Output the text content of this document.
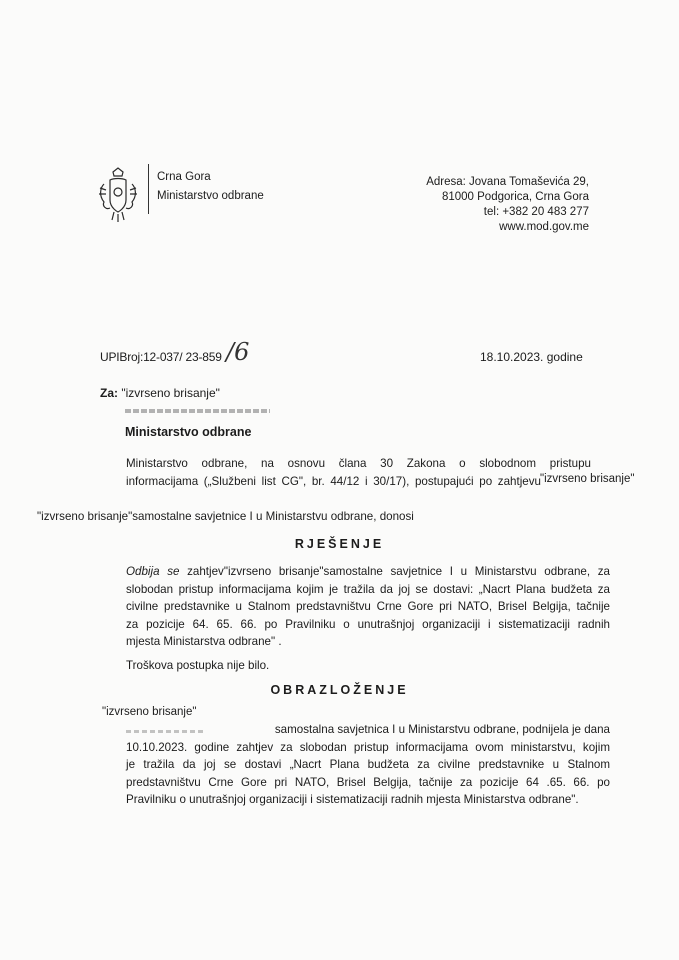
Crna Gora
Ministarstvo odbrane
Adresa: Jovana Tomaševića 29,
81000 Podgorica, Crna Gora
tel: +382 20 483 277
www.mod.gov.me
UPIBroj:12-037/ 23-859 /6	18.10.2023. godine
Za: "izvrseno brisanje"
Ministarstvo odbrane
Ministarstvo odbrane, na osnovu člana 30 Zakona o slobodnom pristupu
informacijama („Službeni list CG", br. 44/12 i 30/17), postupajući po zahtjevu "izvrseno brisanje"
"izvrseno brisanje"samostalne savjetnice I u Ministarstvu odbrane, donosi
RJEŠENJE
Odbija se zahtjev"izvrseno brisanje"samostalne savjetnice I u Ministarstvu odbrane, za
slobodan pristup informacijama kojim je tražila da joj se dostavi: „Nacrt Plana budžeta za
civilne predstavnike u Stalnom predstavništvu Crne Gore pri NATO, Brisel Belgija, tačnije
za pozicije 64. 65. 66. po Pravilniku o unutrašnjoj organizaciji i sistematizaciji radnih
mjesta Ministarstva odbrane" .
Troškova postupka nije bilo.
OBRAZLOŽENJE
"izvrseno brisanje"
samostalna savjetnica I u Ministarstvu odbrane, podnijela je dana
10.10.2023. godine zahtjev za slobodan pristup informacijama ovom ministarstvu, kojim
je tražila da joj se dostavi „Nacrt Plana budžeta za civilne predstavnike u Stalnom
predstavništvu Crne Gore pri NATO, Brisel Belgija, tačnije za pozicije 64 .65. 66. po
Pravilniku o unutrašnjoj organizaciji i sistematizaciji radnih mjesta Ministarstva odbrane".
